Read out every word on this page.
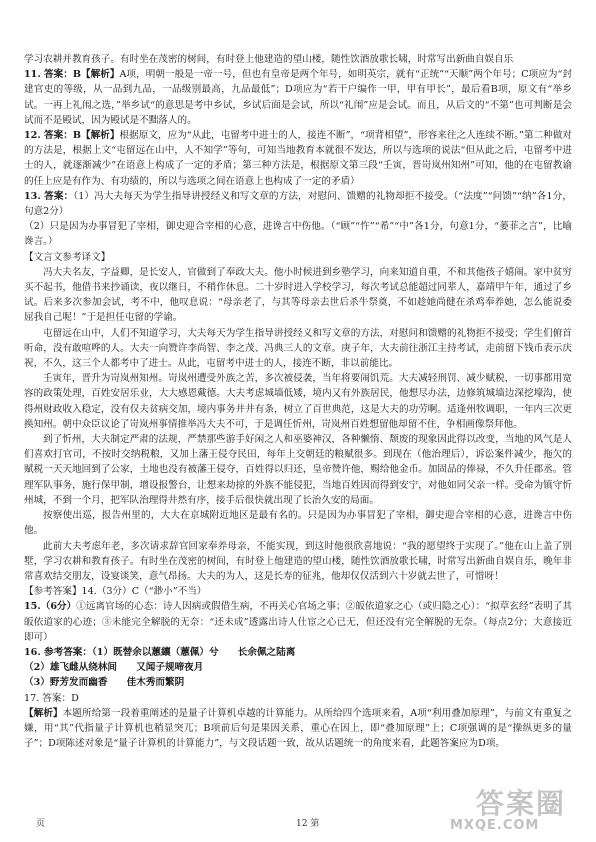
学习农耕并教育孩子。有时坐在茂密的树间，有时登上他建造的望山楼，随性饮酒放歌长啸，时常写出新曲自娱自乐

11. 答案：B【解析】A项，明朝一般是一帝一号，但也有皇帝是两个年号，如明英宗，就有“正统”“天顺”两个年号；C项应为“封建官吏的等级，从一品到九品，一品级别最高，九品最低”；D项应为“若干户编作一甲，甲有甲长”，最后看B项，原文有“举乡试。一再上礼闱之选，”举乡试“的意思是考中乡试，乡试后面是会试，所以“礼闱”应是会试。而且，从后文的“不第”也可判断是会试而不是殿试，因为殿试是不黜落人的。

12. 答案：B【解析】根据原文，应为“从此，屯留考中进士的人，接连不断”，“项背相望”，形容来往之人连续不断。”第二种做对的方法是，根据上文“屯留远在山中，人不知学”等句，可知当地教育本就很不发达，所以与选项的说法“但从此之后，屯留考中进士的人，就逐渐减少”在语意上构成了一定的矛盾；第三种方法是，根据原文第三段“壬寅，晋岢岚州知州”可知，他的在屯留教谕的任上应是有作为、有功绩的，所以与选项之间在语意上也构成了一定的矛盾）

13. 答案：（1）冯大夫每天为学生指导讲授经义和写文章的方法，对慰问、馈赠的礼物却拒不接受。（“法度”“问馈”“纳”各1分，句意2分）

（2）只是因为办事冒犯了宰相，御史迎合宰相的心意，进谗言中伤他。（“顾”“忤”“希”“中”各1分，句意1分，“蒌菲之言”，比喻谗言。）

【文言文参考译文】

冯大夫名友，字益卿，是长安人，官做到了奉政大夫。他小时候进到乡塾学习，向来知道自重，不和其他孩子嬉闹。家中贫穷买不起书，他借书来抄诵读，夜以继日，不稍作休息。二十岁时进入学校学习，每次考试总能超过同辈人，嘉靖甲午年，通过了乡试。后来多次参加会试，考不中，他叹息说：“母亲老了，与其等母亲去世后杀牛祭奠，不如趁她尚健在杀鸡奉养她，怎么能说委屈我自己呢！”于是担任屯留的学谕。

屯留远在山中，人们不知道学习，大夫每天为学生指导讲授经义和写文章的方法，对慰问和馈赠的礼物拒不接受；学生们俯首听命，没有敢喧哗的人。大夫一向赞许李尚智、李之茂、冯典三人的文章。庚子年，大夫前往浙江主持考试，走前留下钱币表示庆祝，不久，这三个人都考中了进士。从此，屯留考中进士的人，接连不断，非以前能比。

壬寅年，晋升为岢岚州知州。岢岚州遭受外族之苦，多次被侵袭，当年将要闹饥荒。大夫减轻刑罚、减少赋税，一切事都用宽容的政策处理，百姓安居乐业，大大感恩戴德。大夫考虑城墙低矮，境内又有外族居民，他想尽办法，边修筑城墙边深挖壕沟，使得州财政收入稳定，没有仅夫贫病交加，境内事务井井有条，树立了百世典范，这是大夫的功劳啊。适逢州牧调职，一年内三次更换知州。朝中众臣议论了岢岚州事情推举冯大夫不可，于是调任忻州，岢岚州百姓想留他却留不住，争相画像祭拜他。

到了忻州，大夫制定严肃的法规，严禁那些游手好闲之人和巫婆神汉，各种懒惰、颓废的现象因此得以改变，当地的风气是人们喜欢打官司，不按时交纳税粮，又加上藩王侵夺民田，每年上交朝廷的粮赋很多。到现在（他治理后），诉讼案件减少，拖欠的赋税一天天地回到了公家，土地也没有被藩王侵夺，百姓得以归还，皇帝赞许他，赐给他金币。加固品的俸禄，不久升任郡丞。管理军队事务，施行保甲制，增设报警台，让想来劫掠的外族不能侵犯，当地百姓因而得到安宁，对他如同父亲一样。受命为镇守忻州城，不到一个月，把军队治理得井然有序，接手后很快就出现了长治久安的局面。

按察使出巡，报告州里的，大大在京城附近地区是最有名的。只是因为办事冒犯了宰相，御史迎合宰相的心意，进谗言中伤他。

此前大夫考虑年老，多次请求辞官回家奉养母亲，不能实现，到这时他很欣喜地说：“我的愿望终于实现了。”他在山上盖了别墅，学习农耕和教育孩子。有时坐在茂密的树间，有时登上他建造的望山楼，随性饮酒放歌长啸，时常写出新曲自娱自乐，晚年非常喜欢结交朋友，设宴谈笑，意气昂扬。大夫的为人，这是长寿的征兆，他却仅仅活到六十岁就去世了，可惜呀！

【参考答案】14.（3分）C（“渺小”不当）

15.（6分）①远离官场的心态：诗人因病或假借生病，不再关心官场之事；②皈依道家之心（或归隐之心）：“拟草玄经”表明了其皈依道家的心迹；③未能完全解脱的无奈：“还未成”透露出诗人仕宦之心已无，但还没有完全解脱的无奈。（每点2分；大意接近即可）

16. 参考答案：（1）既替余以蕙纕（蕙佩）兮　　长余佩之陆离

（2）雄飞雌从绕林间　　又闻子规啼夜月

（3）野芳发而幽香　　佳木秀而繁阴

17. 答案：D

【解析】本题所给第一段着重阐述的是量子计算机卓越的计算能力。从所给四个选项来看，A项“利用叠加原理”，与前文有重复之嫌，用“其”代指量子计算机也稍显突兀；B项前后句是果因关系，重心在因上，即“叠加原理”上；C项强调的是“操纵更多的量子”；D项陈述对象是“量子计算机的计算能力”，与文段话题一致，故从话题统一的角度来看，此题答案应为D项。

页	12 第
答案圈
MXQE.COM
